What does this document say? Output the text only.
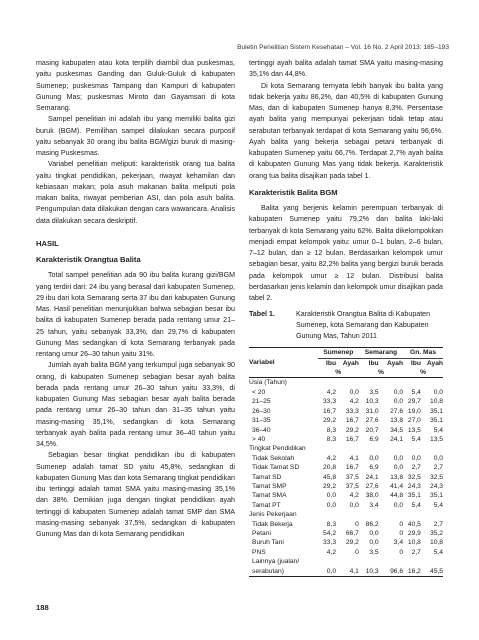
Buletin Penelitian Sistem Kesehatan – Vol. 16 No. 2 April 2013: 185–193

masing kabupaten atau kota terpilih diambil dua puskesmas, yaitu puskesmas Ganding dan Guluk-Guluk di kabupaten Sumenep; puskesmas Tampang dan Kampuri di kabupaten Gunung Mas; puskesmas Miroto dan Gayamsari di kota Semarang.

Sampel penelitian ini adalah ibu yang memiliki balita gizi buruk (BGM). Pemilihan sampel dilakukan secara purposif yaitu sebanyak 30 orang ibu balita BGM/gizi buruk di masing-masing Puskesmas.

Variabel penelitian meliputi: karakteristik orang tua balita yaitu tingkat pendidikan, pekerjaan, riwayat kehamilan dan kebiasaan makan; pola asuh makanan balita meliputi pola makan balita, riwayat pemberian ASI, dan pola asuh balita. Pengumpulan data dilakukan dengan cara wawancara. Analisis data dilakukan secara deskriptif.

HASIL

Karakteristik Orangtua Balita

Total sampel penelitian ada 90 ibu balita kurang gizi/BGM yang terdiri dari: 24 ibu yang berasal dari kabupaten Sumenep, 29 ibu dari kota Semarang serta 37 ibu dari kabupaten Gunung Mas. Hasil penelitian menunjukkan bahwa sebagian besar ibu balita di kabupaten Sumenep berada pada rentang umur 21–25 tahun, yaitu sebanyak 33,3%, dan 29,7% di kabupaten Gunung Mas sedangkan di kota Semarang terbanyak pada rentang umur 26–30 tahun yaitu 31%.

Jumlah ayah balita BGM yang terkumpul juga sebanyak 90 orang, di kabupaten Sumenep sebagian besar ayah balita berada pada rentang umur 26–30 tahun yaitu 33,3%, di kabupaten Gunung Mas sebagian besar ayah balita berada pada rentang umur 26–30 tahun dan 31–35 tahun yaitu masing-masing 35,1%, sedangkan di kota Semarang terbanyak ayah balita pada rentang umur 36–40 tahun yaitu 34,5%.

Sebagian besar tingkat pendidikan ibu di kabupaten Sumenep adalah tamat SD yaitu 45,8%, sedangkan di kabupaten Gunung Mas dan kota Semarang tingkat pendidikan ibu tertinggi adalah tamat SMA yaitu masing-masing 35,1% dan 38%. Demikian juga dengan tingkat pendidikan ayah tertinggi di kabupaten Sumenep adalah tamat SMP dan SMA masing-masing sebanyak 37,5%, sedangkan di kabupaten Gunung Mas dan di kota Semarang pendidikan

tertinggi ayah balita adalah tamat SMA yaitu masing-masing 35,1% dan 44,8%.

Di kota Semarang ternyata lebih banyak ibu balita yang tidak bekerja yaitu 86,2%, dan 40,5% di kabupaten Gunung Mas, dan di kabupaten Sumenep hanya 8,3%. Persentase ayah balita yang mempunyai pekerjaan tidak tetap atau serabutan terbanyak terdapat di kota Semarang yaitu 96,6%. Ayah balita yang bekerja sebagai petani terbanyak di kabupaten Sumenep yaitu 66,7%. Terdapat 2,7% ayah balita di kabupaten Gunung Mas yang tidak bekerja. Karakteristik orang tua balita disajikan pada tabel 1.

Karakteristik Balita BGM

Balita yang berjenis kelamin perempuan terbanyak di kabupaten Sumenep yaitu 79,2% dan balita laki-laki terbanyak di kota Semarang yaitu 62%. Balita dikelompokkan menjadi empat kelompok yaitu: umur 0–1 bulan, 2–6 bulan, 7–12 bulan, dan ≥ 12 bulan. Berdasarkan kelompok umur sebagian besar, yaitu 82,2% balita yang bergizi buruk berada pada kelompok umur ≥ 12 bulan. Distribusi balita berdasarkan jenis kelamin dan kelompok umur disajikan pada tabel 2.

Tabel 1.	Karakteristik Orangtua Balita di Kabupaten Sumenep, kota Semarang dan Kabupaten Gunung Mas, Tahun 2011
	Sumenep		Semarang		Gn. Mas	
Variabel	Ibu	Ayah	Ibu	Ayah	Ibu	Ayah
	%		%		%	
Usia (Tahun)						
< 20	4,2	0,0	3,5	0,0	5,4	0,0
21–25	33,3	4,2	10,3	0,0	29,7	10,8
26–30	16,7	33,3	31,0	27,6	19,0	35,1
31–35	29,2	16,7	27,6	13,8	27,0	35,1
36–40	8,3	29,2	20,7	34,5	13,5	5,4
> 40	8,3	16,7	6,9	24,1	5,4	13,5
Tingkat Pendidikan						
Tidak Sekolah	4,2	4,1	0,0	0,0	0,0	0,0
Tidak Tamat SD	20,8	16,7	6,9	0,0	2,7	2,7
Tamat SD	45,8	37,5	24,1	13,8	32,5	32,5
Tamat SMP	29,2	37,5	27,6	41,4	24,3	24,3
Tamat SMA	0,0	4,2	38,0	44,8	35,1	35,1
Tamat PT	0,0	0,0	3,4	0,0	5,4	5,4
Jenis Pekerjaan						
Tidak Bekerja	8,3	0	86,2	0	40,5	2,7
Petani	54,2	66,7	0,0	0	29,9	35,2
Buruh Tani	33,3	29,2	0,0	3,4	10,8	10,8
PNS	4,2	0	3,5	0	2,7	5,4
Lainnya (jualan/						
serabutan)	0,0	4,1	10,3	96,6	16,2	45,5
188
